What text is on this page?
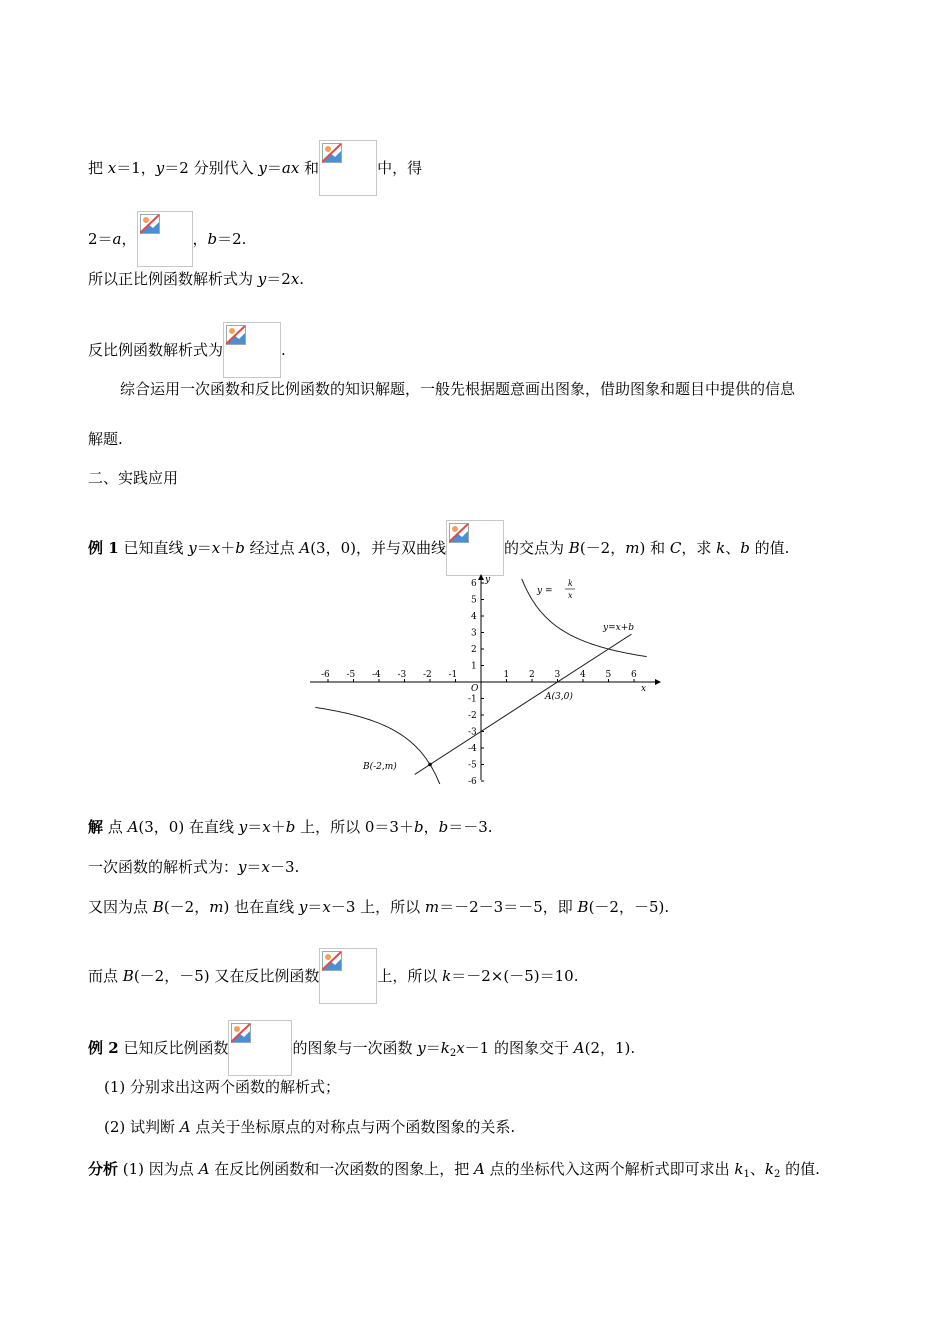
把 x＝1，y＝2 分别代入 y＝ax 和	中，得
2＝a，	，b＝2.
所以正比例函数解析式为 y＝2x.
反比例函数解析式为	.
综合运用一次函数和反比例函数的知识解题，一般先根据题意画出图象，借助图象和题目中提供的信息
解题.
二、实践应用
例 1 已知直线 y＝x＋b 经过点 A(3，0)，并与双曲线	的交点为 B(－2，m) 和 C，求 k、b 的值.
-6 -5 -4 -3 -2 -1	1 2 3 4 5 6
6
5
4
3
2
1
-1
-2
-3
-4
-5
-6
x
y
O
y =
k
x
y=x+b
A(3,0)
B(-2,m)
解 点 A(3，0) 在直线 y＝x＋b 上，所以 0＝3＋b，b＝－3.
一次函数的解析式为：y＝x－3.
又因为点 B(－2，m) 也在直线 y＝x－3 上，所以 m＝－2－3＝－5，即 B(－2，－5).
而点 B(－2，－5) 又在反比例函数	上，所以 k＝－2×(－5)＝10.
例 2 已知反比例函数	的图象与一次函数 $y=k_2x-1$ 的图象交于 A(2，1).
(1) 分别求出这两个函数的解析式；
(2) 试判断 A 点关于坐标原点的对称点与两个函数图象的关系.
分析 (1) 因为点 A 在反比例函数和一次函数的图象上，把 A 点的坐标代入这两个解析式即可求出 $k_1$、$k_2$ 的值.
